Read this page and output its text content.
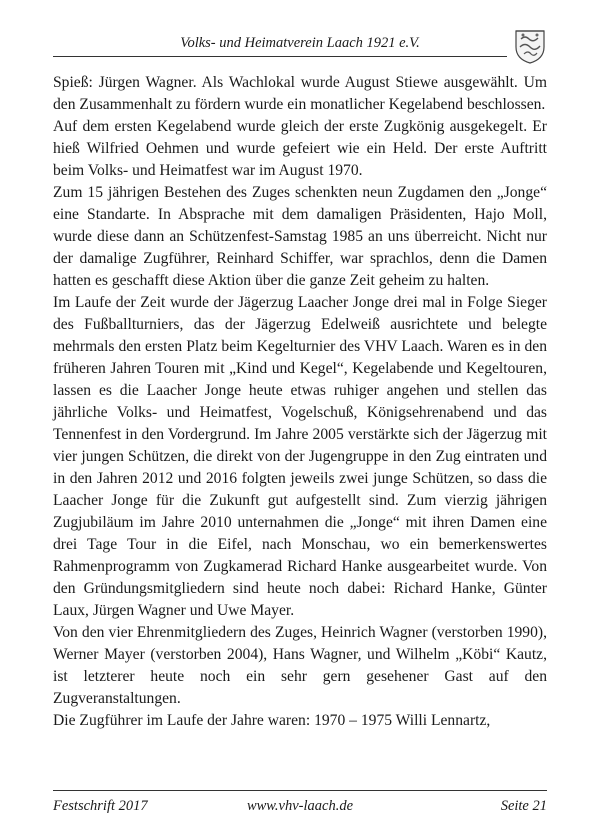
Volks- und Heimatverein Laach 1921 e.V.

Spieß: Jürgen Wagner. Als Wachlokal wurde August Stiewe ausgewählt. Um den Zusammenhalt zu fördern wurde ein monatlicher Kegelabend beschlossen.

Auf dem ersten Kegelabend wurde gleich der erste Zugkönig ausgekegelt. Er hieß Wilfried Oehmen und wurde gefeiert wie ein Held. Der erste Auftritt beim Volks- und Heimatfest war im August 1970.

Zum 15 jährigen Bestehen des Zuges schenkten neun Zugdamen den „Jonge“ eine Standarte. In Absprache mit dem damaligen Präsidenten, Hajo Moll, wurde diese dann an Schützenfest-Samstag 1985 an uns überreicht. Nicht nur der damalige Zugführer, Reinhard Schiffer, war sprachlos, denn die Damen hatten es geschafft diese Aktion über die ganze Zeit geheim zu halten.

Im Laufe der Zeit wurde der Jägerzug Laacher Jonge drei mal in Folge Sieger des Fußballturniers, das der Jägerzug Edelweiß ausrichtete und belegte mehrmals den ersten Platz beim Kegelturnier des VHV Laach. Waren es in den früheren Jahren Touren mit „Kind und Kegel“, Kegelabende und Kegeltouren, lassen es die Laacher Jonge heute etwas ruhiger angehen und stellen das jährliche Volks- und Heimatfest, Vogelschuß, Königsehrenabend und das Tennenfest in den Vordergrund. Im Jahre 2005 verstärkte sich der Jägerzug mit vier jungen Schützen, die direkt von der Jugengruppe in den Zug eintraten und in den Jahren 2012 und 2016 folgten jeweils zwei junge Schützen, so dass die Laacher Jonge für die Zukunft gut aufgestellt sind. Zum vierzig jährigen Zugjubiläum im Jahre 2010 unternahmen die „Jonge“ mit ihren Damen eine drei Tage Tour in die Eifel, nach Monschau, wo ein bemerkenswertes Rahmenprogramm von Zugkamerad Richard Hanke ausgearbeitet wurde. Von den Gründungsmitgliedern sind heute noch dabei: Richard Hanke, Günter Laux, Jürgen Wagner und Uwe Mayer.

Von den vier Ehrenmitgliedern des Zuges, Heinrich Wagner (verstorben 1990), Werner Mayer (verstorben 2004), Hans Wagner, und Wilhelm „Köbi“ Kautz, ist letzterer heute noch ein sehr gern gesehener Gast auf den Zugveranstaltungen.

Die Zugführer im Laufe der Jahre waren: 1970 – 1975 Willi Lennartz,

Festschrift 2017	www.vhv-laach.de	Seite 21
